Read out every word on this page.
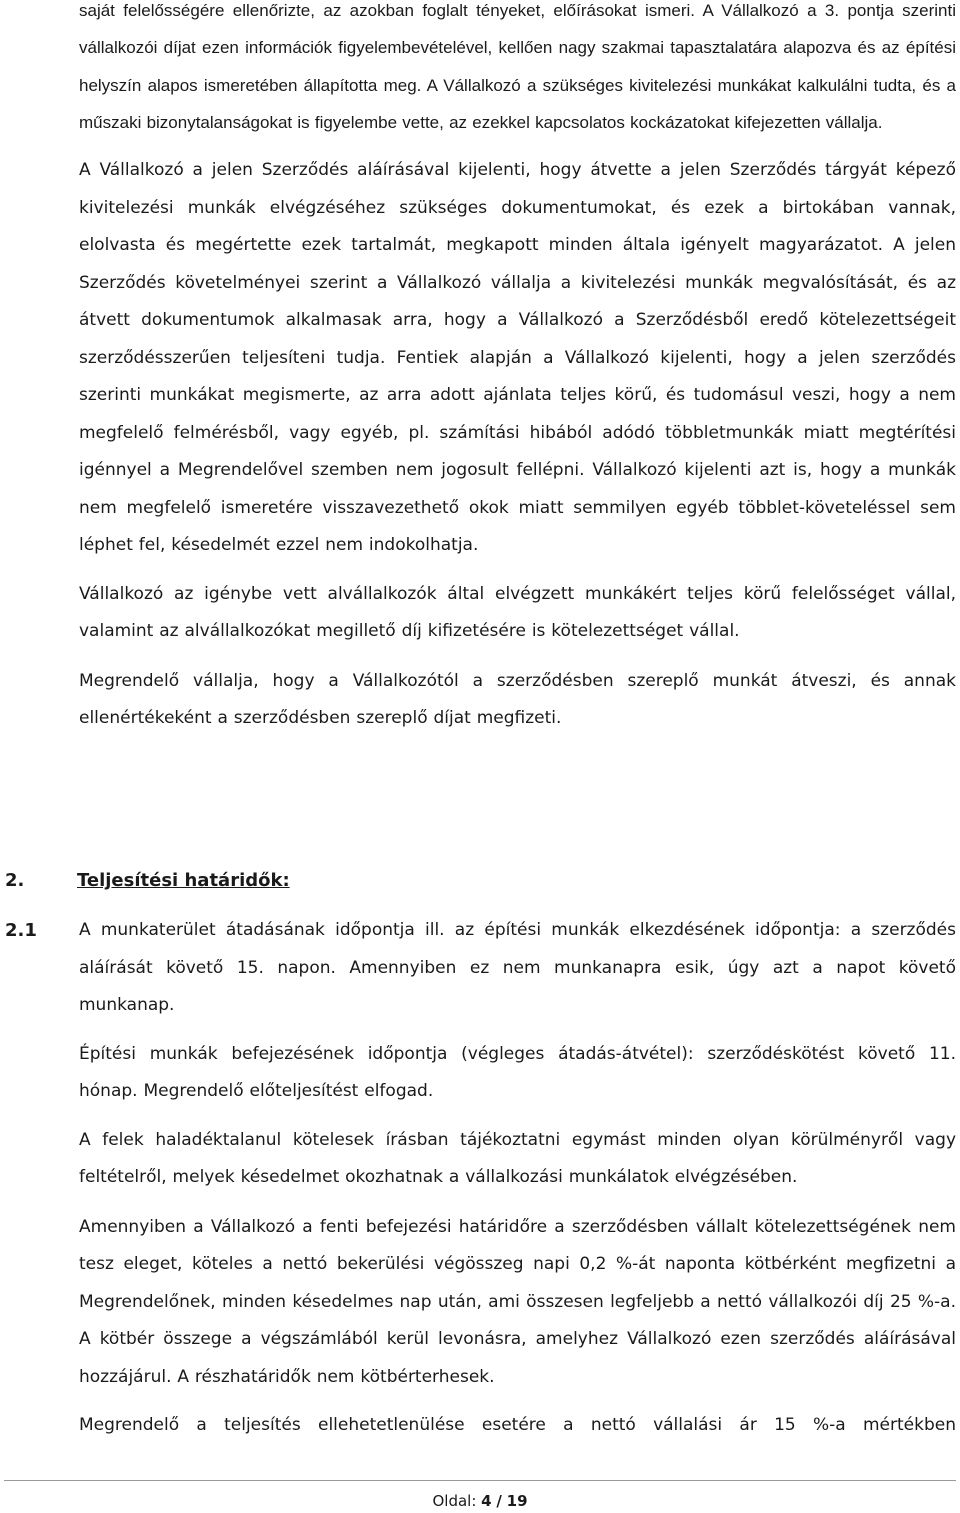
saját felelősségére ellenőrizte, az azokban foglalt tényeket, előírásokat ismeri. A Vállalkozó a 3. pontja szerinti vállalkozói díjat ezen információk figyelembevételével, kellően nagy szakmai tapasztalatára alapozva és az építési helyszín alapos ismeretében állapította meg. A Vállalkozó a szükséges kivitelezési munkákat kalkulálni tudta, és a műszaki bizonytalanságokat is figyelembe vette, az ezekkel kapcsolatos kockázatokat kifejezetten vállalja.

A Vállalkozó a jelen Szerződés aláírásával kijelenti, hogy átvette a jelen Szerződés tárgyát képező kivitelezési munkák elvégzéséhez szükséges dokumentumokat, és ezek a birtokában vannak, elolvasta és megértette ezek tartalmát, megkapott minden általa igényelt magyarázatot. A jelen Szerződés követelményei szerint a Vállalkozó vállalja a kivitelezési munkák megvalósítását, és az átvett dokumentumok alkalmasak arra, hogy a Vállalkozó a Szerződésből eredő kötelezettségeit szerződésszerűen teljesíteni tudja. Fentiek alapján a Vállalkozó kijelenti, hogy a jelen szerződés szerinti munkákat megismerte, az arra adott ajánlata teljes körű, és tudomásul veszi, hogy a nem megfelelő felmérésből, vagy egyéb, pl. számítási hibából adódó többletmunkák miatt megtérítési igénnyel a Megrendelővel szemben nem jogosult fellépni. Vállalkozó kijelenti azt is, hogy a munkák nem megfelelő ismeretére visszavezethető okok miatt semmilyen egyéb többlet-követeléssel sem léphet fel, késedelmét ezzel nem indokolhatja.

Vállalkozó az igénybe vett alvállalkozók által elvégzett munkákért teljes körű felelősséget vállal, valamint az alvállalkozókat megillető díj kifizetésére is kötelezettséget vállal.

Megrendelő vállalja, hogy a Vállalkozótól a szerződésben szereplő munkát átveszi, és annak ellenértékeként a szerződésben szereplő díjat megfizeti.

2.	Teljesítési határidők:
2.1 A munkaterület átadásának időpontja ill. az építési munkák elkezdésének időpontja: a szerződés aláírását követő 15. napon. Amennyiben ez nem munkanapra esik, úgy azt a napot követő munkanap.

Építési munkák befejezésének időpontja (végleges átadás-átvétel): szerződéskötést követő 11. hónap. Megrendelő előteljesítést elfogad.

A felek haladéktalanul kötelesek írásban tájékoztatni egymást minden olyan körülményről vagy feltételről, melyek késedelmet okozhatnak a vállalkozási munkálatok elvégzésében.

Amennyiben a Vállalkozó a fenti befejezési határidőre a szerződésben vállalt kötelezettségének nem tesz eleget, köteles a nettó bekerülési végösszeg napi 0,2 %-át naponta kötbérként megfizetni a Megrendelőnek, minden késedelmes nap után, ami összesen legfeljebb a nettó vállalkozói díj 25 %-a. A kötbér összege a végszámlából kerül levonásra, amelyhez Vállalkozó ezen szerződés aláírásával hozzájárul. A részhatáridők nem kötbérterhesek.

Megrendelő a teljesítés ellehetetlenülése esetére a nettó vállalási ár 15 %-a mértékben

Oldal: 4 / 19
